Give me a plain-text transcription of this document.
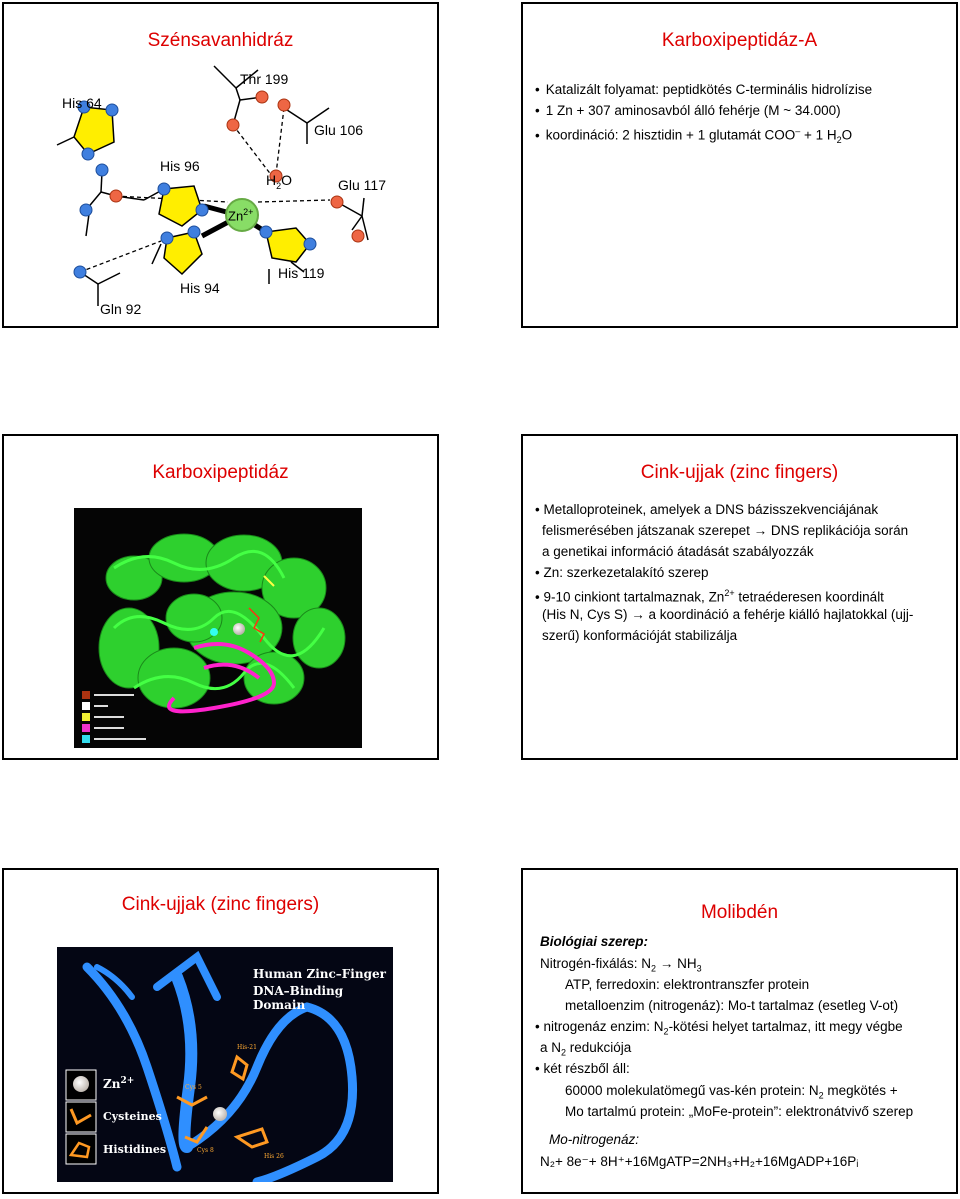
Szénsavanhidráz
His 64
Thr 199
Glu 106
His 96
$H_2O$	Glu 117
$Zn^{2+}$
His 94
His 119
Gln 92
Karboxipeptidáz-A
• Katalizált folyamat: peptidkötés C-terminális hidrolízise
• 1 Zn + 307 aminosavból álló fehérje (M ~ 34.000)
• koordináció: 2 hisztidin + 1 glutamát COO– + 1 $H_2O$
Karboxipeptidáz	Cink-ujjak (zinc fingers)
• Metalloproteinek, amelyek a DNS bázisszekvenciájának
felismerésében játszanak szerepet → DNS replikációja során
a genetikai információ átadását szabályozzák
• Zn: szerkezetalakító szerep
• 9-10 cinkiont tartalmaznak, $Zn^{2+}$ tetraéderesen koordinált
(His N, Cys S) → a koordináció a fehérje kiálló hajlatokkal (ujj-
szerű) konformációját stabilizálja
Cink-ujjak (zinc fingers)
Human Zinc–Finger
DNA–Binding Domain
$Zn^{2+}$
Cysteines
Histidines
His-21
Cys 5
Cys 8
His 26
Molibdén
Biológiai szerep:
Nitrogén-fixálás: $N_2 \to NH_3$
ATP, ferredoxin: elektrontranszfer protein
metalloenzim (nitrogenáz): Mo-t tartalmaz (esetleg V-ot)
• nitrogenáz enzim: $N_2$-kötési helyet tartalmaz, itt megy végbe
a $N_2$ redukciója
• két részből áll:
60000 molekulatömegű vas-kén protein: $N_2$ megkötés +
Mo tartalmú protein: „MoFe-protein”: elektronátvivő szerep
Mo-nitrogenáz:
N₂+ 8e⁻+ 8H⁺+16MgATP=2NH₃+H₂+16MgADP+16Pᵢ
